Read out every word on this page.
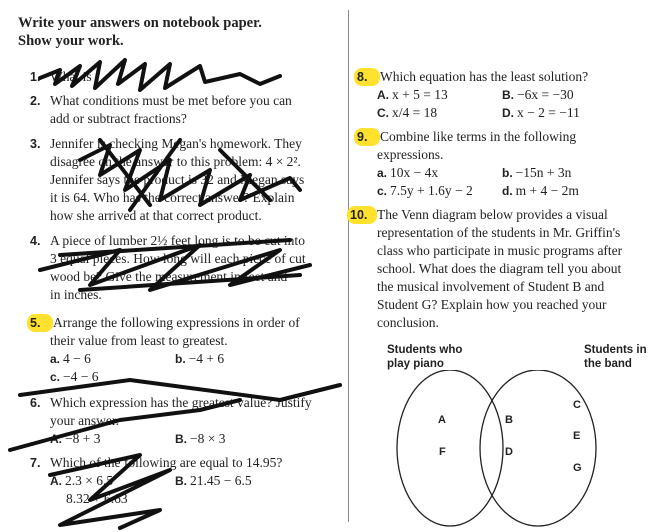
Write your answers on notebook paper.
Show your work.
1. What is
2. What conditions must be met before you can
add or subtract fractions?
3. Jennifer is checking Megan's homework. They
disagree on the answer to this problem: 4 × 2².
Jennifer says the product is 32 and Megan says
it is 64. Who has the correct answer? Explain
how she arrived at that correct product.
4. A piece of lumber 2½ feet long is to be cut into
3 equal pieces. How long will each piece of cut
wood be? Give the measurement in feet and
in inches.
5. Arrange the following expressions in order of
their value from least to greatest.
a. 4 − 6	b. −4 + 6
c. −4 − 6
6. Which expression has the greatest value? Justify
your answer.
A. −8 + 3	B. −8 × 3
7. Which of the following are equal to 14.95?
A. 2.3 × 6.5	B. 21.45 − 6.5
8.32 + 6.63
8. Which equation has the least solution?
A. x + 5 = 13	B. −6x = −30
C. x/4 = 18	D. x − 2 = −11
9. Combine like terms in the following
expressions.
a. 10x − 4x	b. −15n + 3n
c. 7.5y + 1.6y − 2	d. m + 4 − 2m
10. The Venn diagram below provides a visual
representation of the students in Mr. Griffin's
class who participate in music programs after
school. What does the diagram tell you about
the musical involvement of Student B and
Student G? Explain how you reached your
conclusion.
Students who
play piano
Students in
the band
A
F
B
D
C
E
G
